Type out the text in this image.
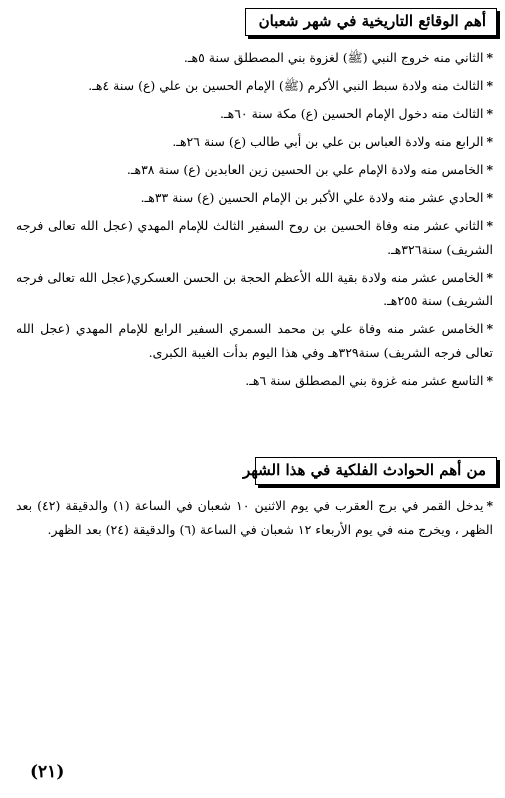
أهم الوقائع التاريخية في شهر شعبان
*الثاني منه خروج النبي (ﷺ) لغزوة بني المصطلق سنة ٥هـ.
*الثالث منه ولادة سبط النبي الأكرم (ﷺ) الإمام الحسين بن علي (ع) سنة ٤هـ.
*الثالث منه دخول الإمام الحسين (ع) مكة سنة ٦٠هـ.
*الرابع منه ولادة العباس بن علي بن أبي طالب (ع) سنة ٢٦هـ.
*الخامس منه ولادة الإمام علي بن الحسين زين العابدين (ع) سنة ٣٨هـ.
*الحادي عشر منه ولادة علي الأكبر بن الإمام الحسين (ع) سنة ٣٣هـ.
*الثاني عشر منه وفاة الحسين بن روح السفير الثالث للإمام المهدي (عجل الله تعالى فرجه الشريف) سنة٣٢٦هـ.
*الخامس عشر منه ولادة بقية الله الأعظم الحجة بن الحسن العسكري(عجل الله تعالى فرجه الشريف) سنة ٢٥٥هـ.
*الخامس عشر منه وفاة علي بن محمد السمري السفير الرابع للإمام المهدي (عجل الله تعالى فرجه الشريف) سنة٣٢٩هـ وفي هذا اليوم بدأت الغيبة الكبرى.
*التاسع عشر منه غزوة بني المصطلق سنة ٦هـ.
من أهم الحوادث الفلكية في هذا الشهر
*يدخل القمر في برج العقرب في يوم الاثنين ١٠ شعبان في الساعة (١) والدقيقة (٤٢) بعد الظهر ، ويخرج منه في يوم الأربعاء ١٢ شعبان في الساعة (٦) والدقيقة (٢٤) بعد الظهر.
(٢١)
